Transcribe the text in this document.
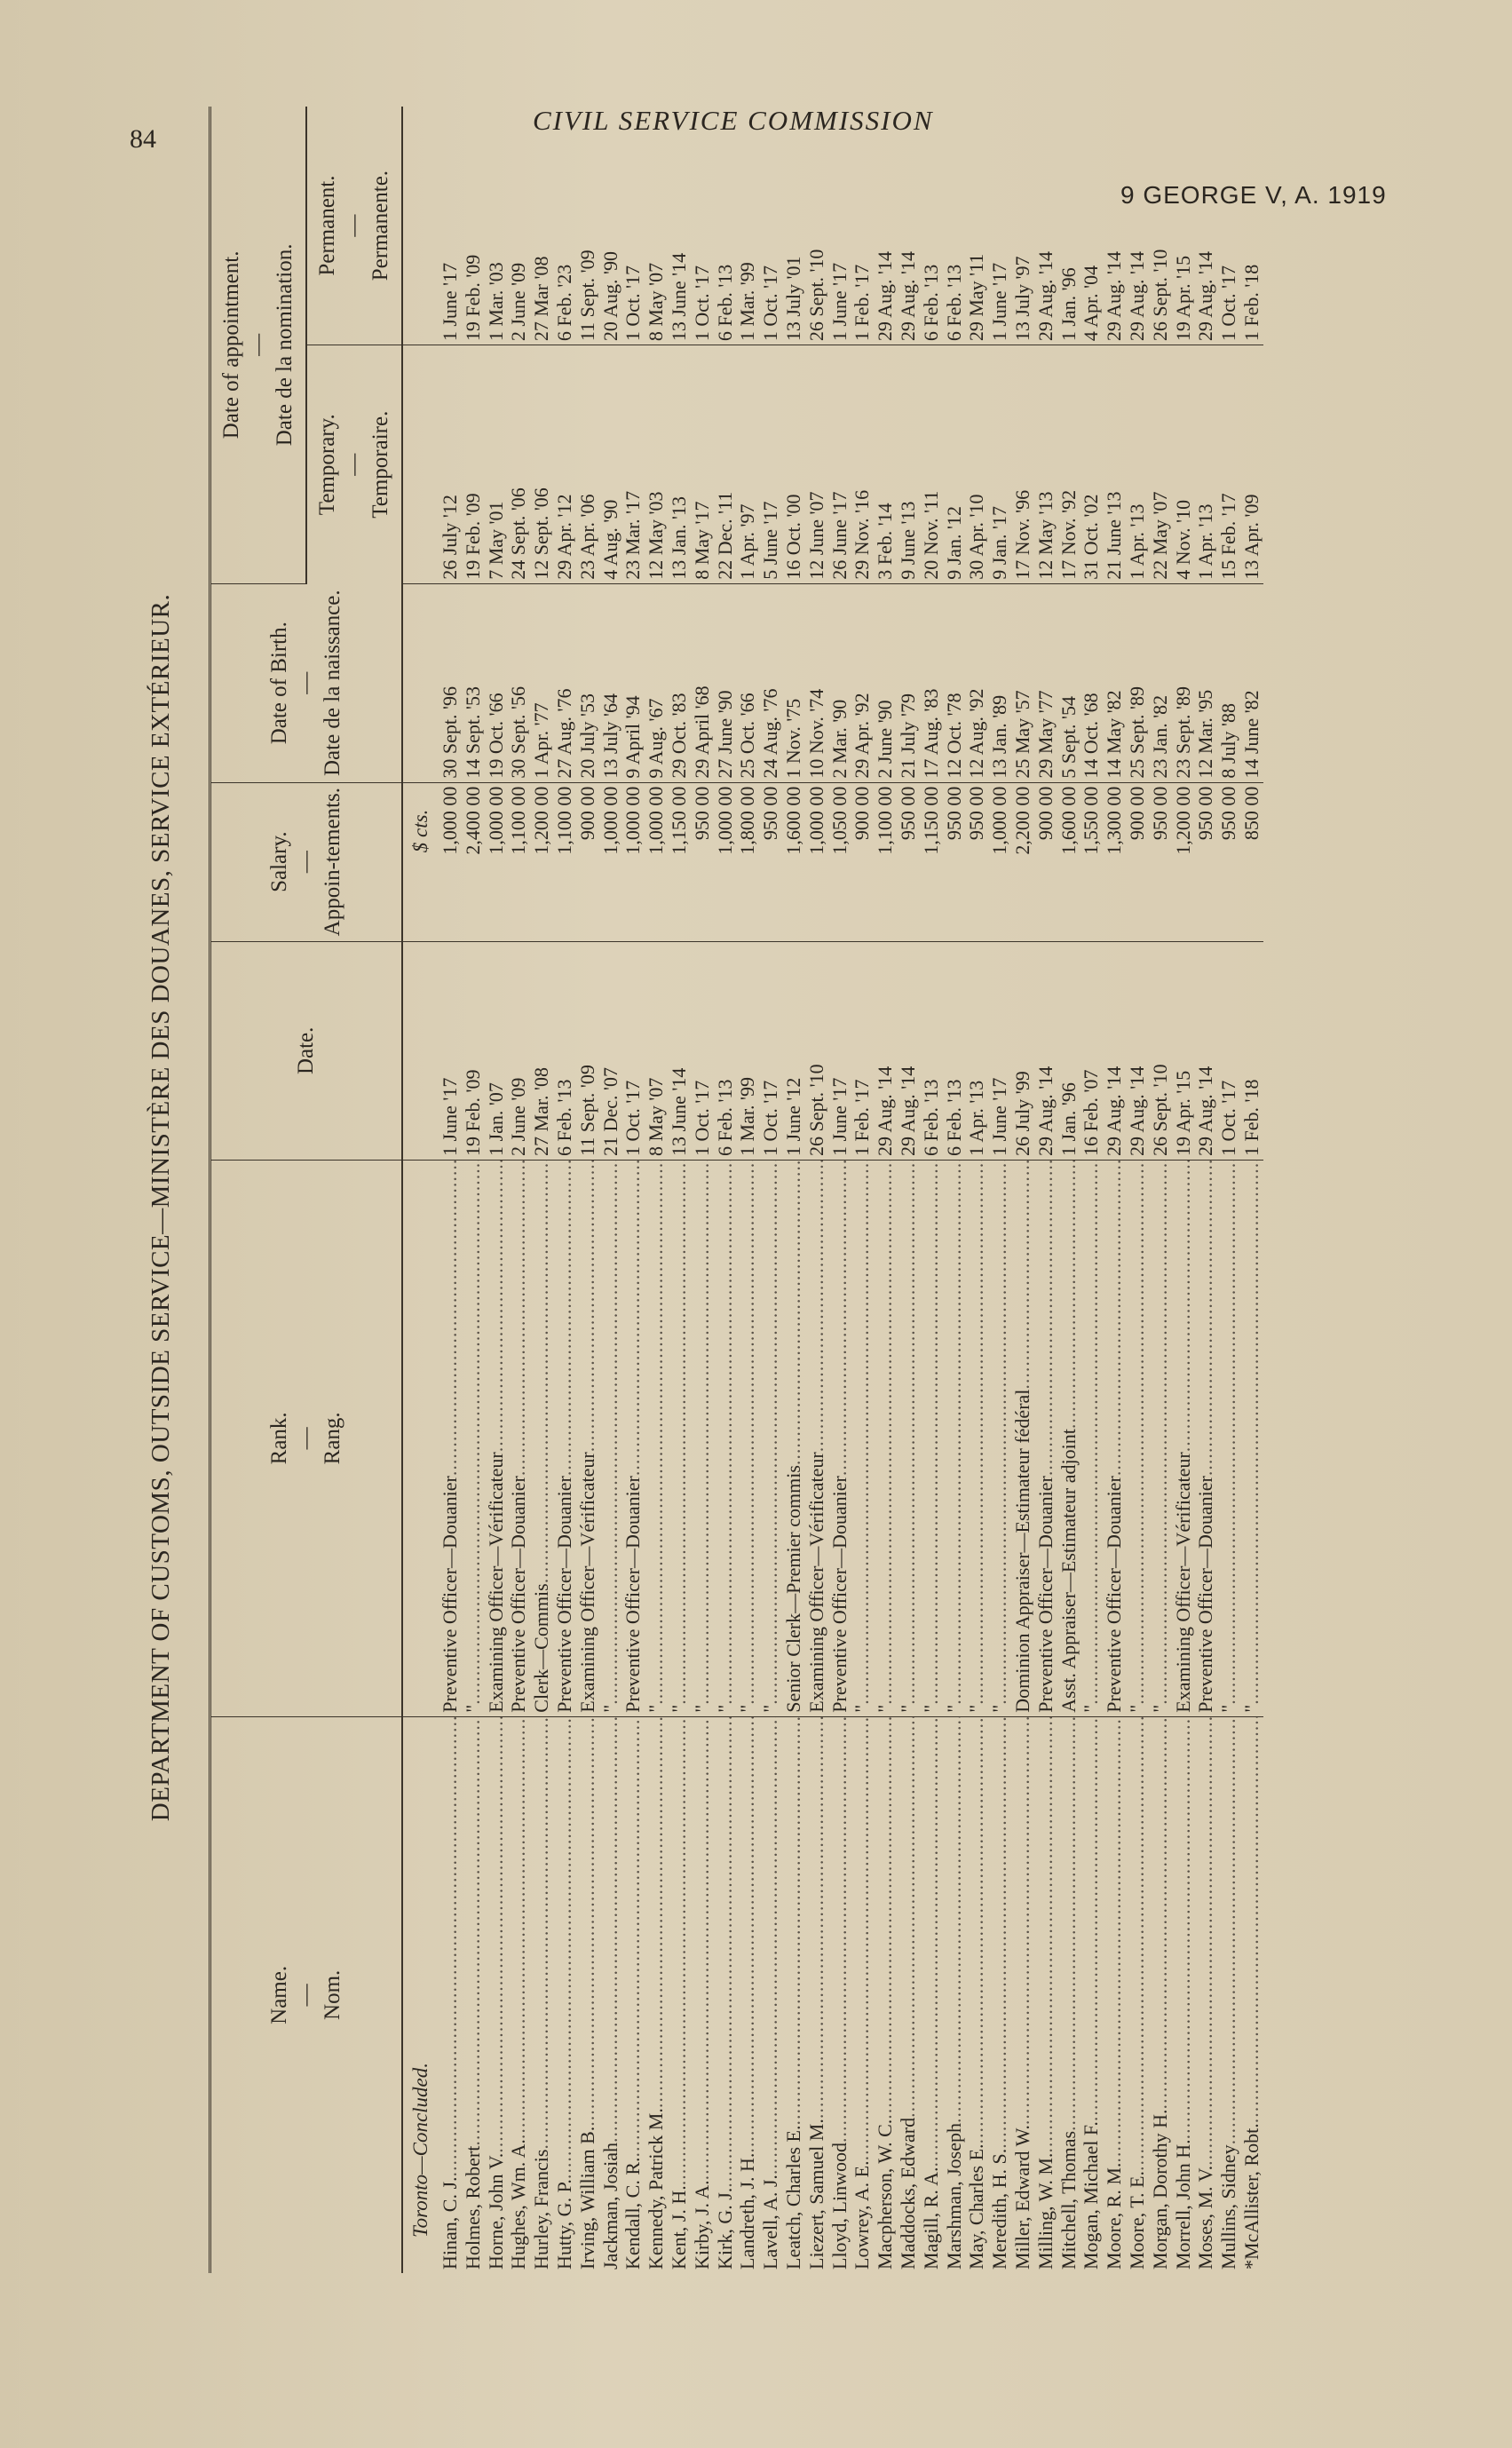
84
CIVIL SERVICE COMMISSION
9 GEORGE V, A. 1919
DEPARTMENT OF CUSTOMS, OUTSIDE SERVICE—MINISTÈRE DES DOUANES, SERVICE EXTÉRIEUR.
Name. — Nom.	Rank. — Rang.	Date.	Salary. — Appoin-tements.	Date of Birth. — Date de la naissance.	Date of appointment. — Date de la nomination.	
					Temporary. — Temporaire.	Permanent. — Permanente.
Toronto—Concluded.			$ cts.			
Hinan, C. J. .....	Preventive Officer—Douanier .....	1 June '17	1,000 00	30 Sept. '96	26 July '12	1 June '17
Holmes, Robert .....	" .....	19 Feb. '09	2,400 00	14 Sept. '53	19 Feb. '09	19 Feb. '09
Horne, John V. .....	Examining Officer—Vérificateur .....	1 Jan. '07	1,000 00	19 Oct. '66	7 May '01	1 Mar. '03
Hughes, Wm. A. .....	Preventive Officer—Douanier .....	2 June '09	1,100 00	30 Sept. '56	24 Sept. '06	2 June '09
Hurley, Francis .....	Clerk—Commis .....	27 Mar. '08	1,200 00	1 Apr. '77	12 Sept. '06	27 Mar '08
Hutty, G. P. .....	Preventive Officer—Douanier .....	6 Feb. '13	1,100 00	27 Aug. '76	29 Apr. '12	6 Feb. '23
Irving, William B. .....	Examining Officer—Vérificateur .....	11 Sept. '09	900 00	20 July '53	23 Apr. '06	11 Sept. '09
Jackman, Josiah .....	" .....	21 Dec. '07	1,000 00	13 July '64	4 Aug. '90	20 Aug. '90
Kendall, C. R. .....	Preventive Officer—Douanier .....	1 Oct. '17	1,000 00	9 April '94	23 Mar. '17	1 Oct. '17
Kennedy, Patrick M. .....	" .....	8 May '07	1,000 00	9 Aug. '67	12 May '03	8 May '07
Kent, J. H. .....	" .....	13 June '14	1,150 00	29 Oct. '83	13 Jan. '13	13 June '14
Kirby, J. A. .....	" .....	1 Oct. '17	950 00	29 April '68	8 May '17	1 Oct. '17
Kirk, G. J. .....	" .....	6 Feb. '13	1,000 00	27 June '90	22 Dec. '11	6 Feb. '13
Landreth, J. H. .....	" .....	1 Mar. '99	1,800 00	25 Oct. '66	1 Apr. '97	1 Mar. '99
Lavell, A. J. .....	" .....	1 Oct. '17	950 00	24 Aug. '76	5 June '17	1 Oct. '17
Leatch, Charles E. .....	Senior Clerk—Premier commis .....	1 June '12	1,600 00	1 Nov. '75	16 Oct. '00	13 July '01
Liezert, Samuel M. .....	Examining Officer—Vérificateur .....	26 Sept. '10	1,000 00	10 Nov. '74	12 June '07	26 Sept. '10
Lloyd, Linwood .....	Preventive Officer—Douanier .....	1 June '17	1,050 00	2 Mar. '90	26 June '17	1 June '17
Lowrey, A. E. .....	" .....	1 Feb. '17	900 00	29 Apr. '92	29 Nov. '16	1 Feb. '17
Macpherson, W. C. .....	" .....	29 Aug. '14	1,100 00	2 June '90	3 Feb. '14	29 Aug. '14
Maddocks, Edward .....	" .....	29 Aug. '14	950 00	21 July '79	9 June '13	29 Aug. '14
Magill, R. A. .....	" .....	6 Feb. '13	1,150 00	17 Aug. '83	20 Nov. '11	6 Feb. '13
Marshman, Joseph .....	" .....	6 Feb. '13	950 00	12 Oct. '78	9 Jan. '12	6 Feb. '13
May, Charles E. .....	" .....	1 Apr. '13	950 00	12 Aug. '92	30 Apr. '10	29 May '11
Meredith, H. S. .....	" .....	1 June '17	1,000 00	13 Jan. '89	9 Jan. '17	1 June '17
Miller, Edward W. .....	Dominion Appraiser—Estimateur fédéral .....	26 July '99	2,200 00	25 May '57	17 Nov. '96	13 July '97
Milling, W. M. .....	Preventive Officer—Douanier .....	29 Aug. '14	900 00	29 May '77	12 May '13	29 Aug. '14
Mitchell, Thomas .....	Asst. Appraiser—Estimateur adjoint .....	1 Jan. '96	1,600 00	5 Sept. '54	17 Nov. '92	1 Jan. '96
Mogan, Michael F. .....	" .....	16 Feb. '07	1,550 00	14 Oct. '68	31 Oct. '02	4 Apr. '04
Moore, R. M. .....	Preventive Officer—Douanier .....	29 Aug. '14	1,300 00	14 May '82	21 June '13	29 Aug. '14
Moore, T. E. .....	" .....	29 Aug. '14	900 00	25 Sept. '89	1 Apr. '13	29 Aug. '14
Morgan, Dorothy H. .....	" .....	26 Sept. '10	950 00	23 Jan. '82	22 May '07	26 Sept. '10
Morrell, John H. .....	Examining Officer—Vérificateur .....	19 Apr. '15	1,200 00	23 Sept. '89	4 Nov. '10	19 Apr. '15
Moses, M. V. .....	Preventive Officer—Douanier .....	29 Aug. '14	950 00	12 Mar. '95	1 Apr. '13	29 Aug. '14
Mullins, Sidney .....	" .....	1 Oct. '17	950 00	8 July '88	15 Feb. '17	1 Oct. '17
*McAllister, Robt. .....	" .....	1 Feb. '18	850 00	14 June '82	13 Apr. '09	1 Feb. '18
